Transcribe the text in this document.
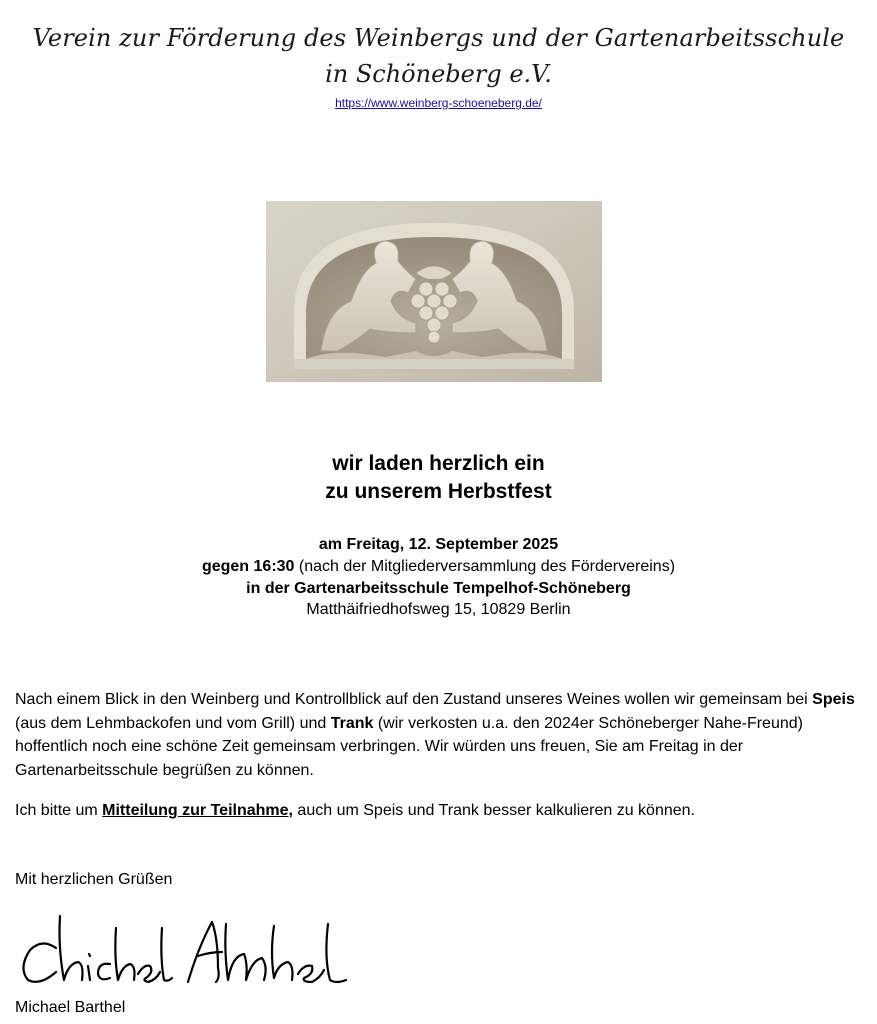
Verein zur Förderung des Weinbergs und der Gartenarbeitsschule
in Schöneberg e.V.
https://www.weinberg-schoeneberg.de/
wir laden herzlich ein
zu unserem Herbstfest
am Freitag, 12. September 2025
gegen 16:30 (nach der Mitgliederversammlung des Fördervereins)
in der Gartenarbeitsschule Tempelhof-Schöneberg
Matthäifriedhofsweg 15, 10829 Berlin
Nach einem Blick in den Weinberg und Kontrollblick auf den Zustand unseres Weines wollen wir gemeinsam bei Speis (aus dem Lehmbackofen und vom Grill) und Trank (wir verkosten u.a. den 2024er Schöneberger Nahe-Freund) hoffentlich noch eine schöne Zeit gemeinsam verbringen. Wir würden uns freuen, Sie am Freitag in der Gartenarbeitsschule begrüßen zu können.
Ich bitte um Mitteilung zur Teilnahme, auch um Speis und Trank besser kalkulieren zu können.
Mit herzlichen Grüßen
Michael Barthel
